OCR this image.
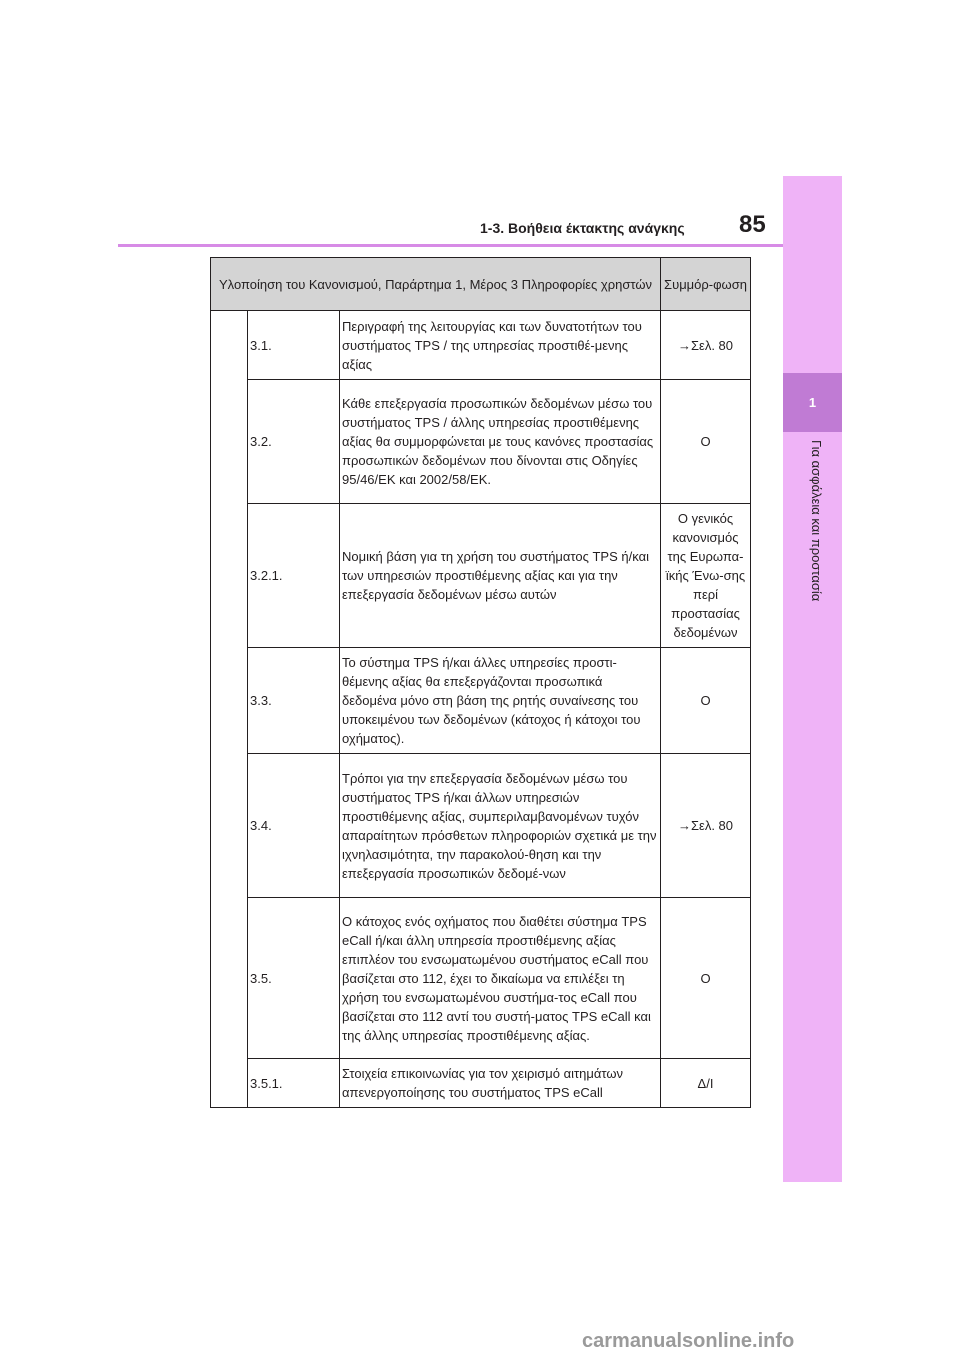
1
Για ασφάλεια και προστασία
1-3. Βοήθεια έκτακτης ανάγκης 85
Υλοποίηση του Κανονισμού, Παράρτημα 1, Μέρος 3 Πληροφορίες χρηστών			Συμμόρ-φωση
	3.1.	Περιγραφή της λειτουργίας και των δυνατοτήτων του συστήματος TPS / της υπηρεσίας προστιθέ-μενης αξίας	→Σελ. 80
	3.2.	Κάθε επεξεργασία προσωπικών δεδομένων μέσω του συστήματος TPS / άλλης υπηρεσίας προστιθέμενης αξίας θα συμμορφώνεται με τους κανόνες προστασίας προσωπικών δεδομένων που δίνονται στις Οδηγίες 95/46/ΕΚ και 2002/58/ΕΚ.	Ο
	3.2.1.	Νομική βάση για τη χρήση του συστήματος TPS ή/και των υπηρεσιών προστιθέμενης αξίας και για την επεξεργασία δεδομένων μέσω αυτών	Ο γενικός κανονισμός της Ευρωπα-ϊκής Ένω-σης περί προστασίας δεδομένων
	3.3.	Το σύστημα TPS ή/και άλλες υπηρεσίες προστι-θέμενης αξίας θα επεξεργάζονται προσωπικά δεδομένα μόνο στη βάση της ρητής συναίνεσης του υποκειμένου των δεδομένων (κάτοχος ή κάτοχοι του οχήματος).	Ο
	3.4.	Τρόποι για την επεξεργασία δεδομένων μέσω του συστήματος TPS ή/και άλλων υπηρεσιών προστιθέμενης αξίας, συμπεριλαμβανομένων τυχόν απαραίτητων πρόσθετων πληροφοριών σχετικά με την ιχνηλασιμότητα, την παρακολού-θηση και την επεξεργασία προσωπικών δεδομέ-νων	→Σελ. 80
	3.5.	Ο κάτοχος ενός οχήματος που διαθέτει σύστημα TPS eCall ή/και άλλη υπηρεσία προστιθέμενης αξίας επιπλέον του ενσωματωμένου συστήματος eCall που βασίζεται στο 112, έχει το δικαίωμα να επιλέξει τη χρήση του ενσωματωμένου συστήμα-τος eCall που βασίζεται στο 112 αντί του συστή-ματος TPS eCall και της άλλης υπηρεσίας προστιθέμενης αξίας.	Ο
	3.5.1.	Στοιχεία επικοινωνίας για τον χειρισμό αιτημάτων απενεργοποίησης του συστήματος TPS eCall	Δ/Ι
carmanualsonline.info
